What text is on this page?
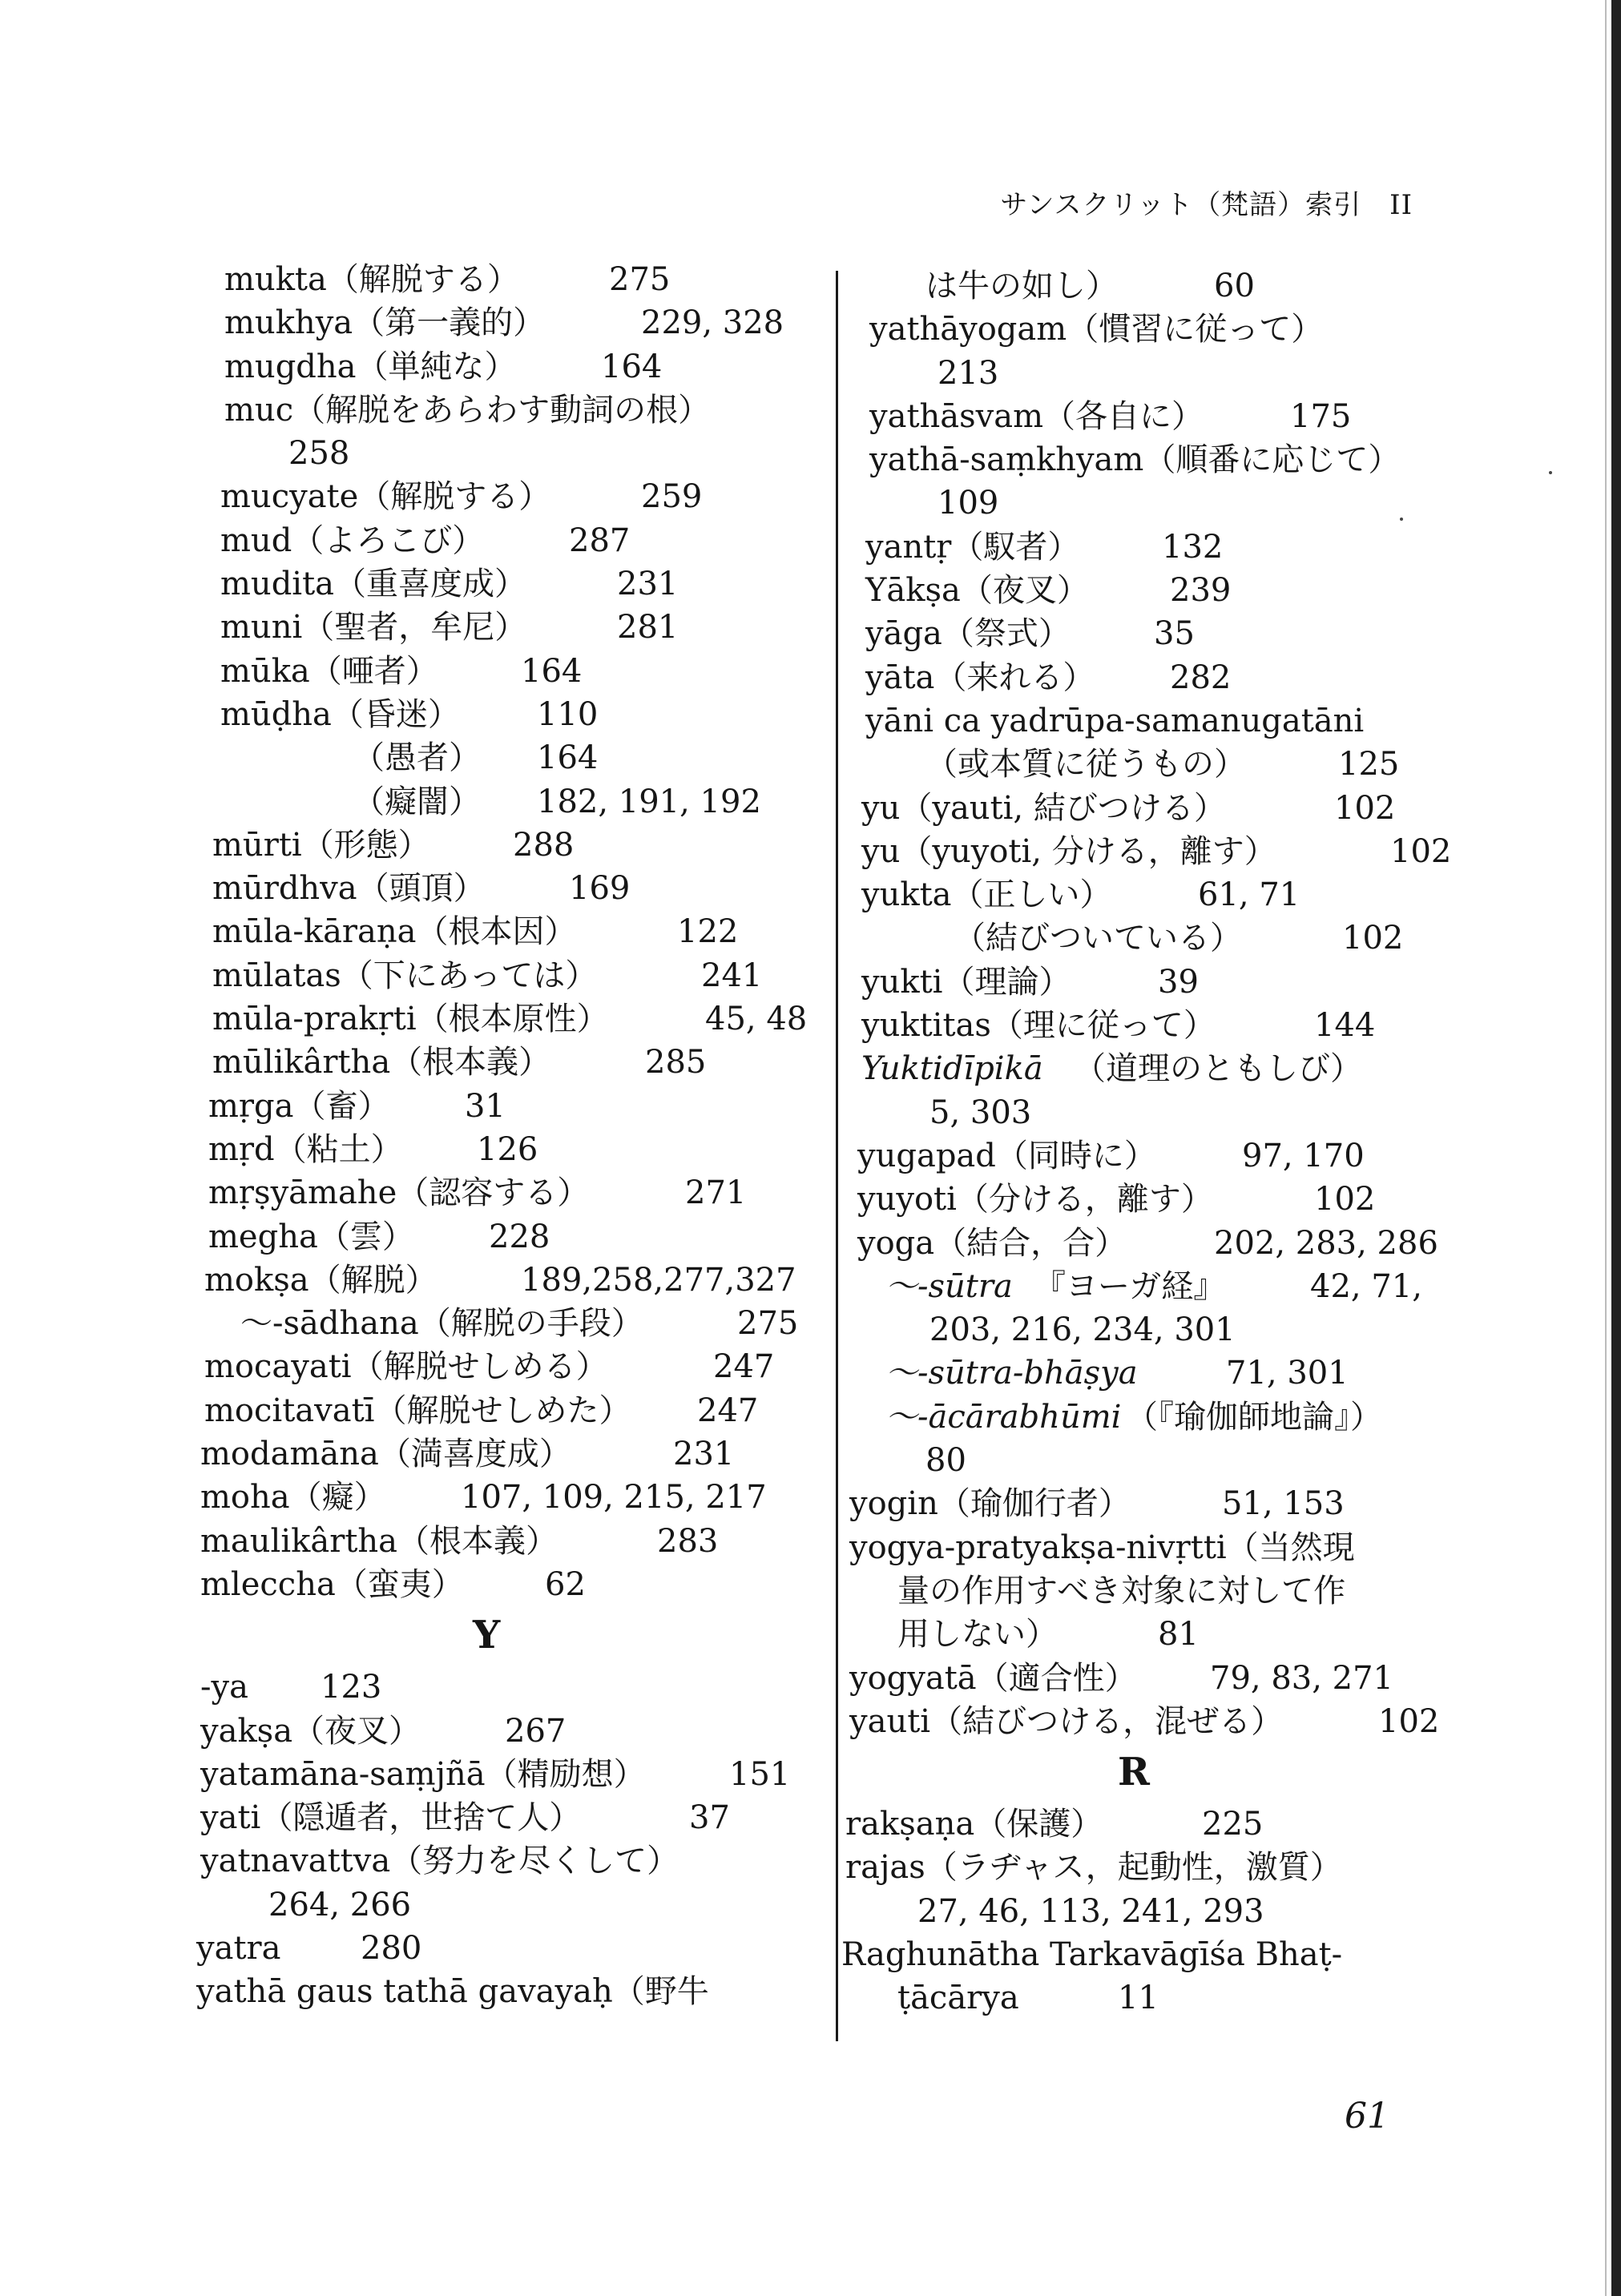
サンスクリット（梵語）索引　II
mukta（解脱する）	275
mukhya（第一義的）	229, 328
mugdha（単純な）	164
muc（解脱をあらわす動詞の根）
258
mucyate（解脱する）	259
mud（よろこび）	287
mudita（重喜度成）	231
muni（聖者，牟尼）	281
mūka（唖者）	164
mūḍha（昏迷） 110
（愚者） 164
（癡闇） 182, 191, 192
mūrti（形態）	288
mūrdhva（頭頂）	169
mūla-kāraṇa（根本因）	122
mūlatas（下にあっては）	241
mūla-prakṛti（根本原性）	45, 48
mūlikârtha（根本義）	285
mṛga（畜） 31
mṛd（粘土） 126
mṛṣyāmahe（認容する）	271
megha（雲） 228
mokṣa（解脱）	189,258,277,327
～-sādhana（解脱の手段）	275
mocayati（解脱せしめる）	247
mocitavatī（解脱せしめた） 247
modamāna（満喜度成）	231
moha（癡） 107, 109, 215, 217
maulikârtha（根本義）	283
mleccha（蛮夷）	62
Y
-ya 123
yakṣa（夜叉）	267
yatamāna-saṃjñā（精励想）	151
yati（隠遁者，世捨て人）	37
yatnavattva（努力を尽くして）
264, 266
yatra 280
yathā gaus tathā gavayaḥ（野牛
は牛の如し）	60
yathāyogam（慣習に従って）
213
yathāsvam（各自に）	175
yathā-saṃkhyam（順番に応じて）
109
yantṛ（馭者）	132
Yākṣa（夜叉）	239
yāga（祭式）	35
yāta（来れる） 282
yāni ca yadrūpa-samanugatāni
（或本質に従うもの）	125
yu（yauti, 結びつける）	102
yu（yuyoti, 分ける，離す）	102
yukta（正しい）	61, 71
（結びついている）	102
yukti（理論）	39
yuktitas（理に従って）	144
Yuktidīpikā （道理のともしび）
5, 303
yugapad（同時に）	97, 170
yuyoti（分ける，離す）	102
yoga（結合，合）	202, 283, 286
～-sūtra 『ヨーガ経』	42, 71,
203, 216, 234, 301
～-sūtra-bhāṣya	71, 301
～-ācārabhūmi （『瑜伽師地論』）
80
yogin（瑜伽行者）	51, 153
yogya-pratyakṣa-nivṛtti（当然現
量の作用すべき対象に対して作
用しない）	81
yogyatā（適合性） 79, 83, 271
yauti（結びつける，混ぜる）	102
R
rakṣaṇa（保護）	225
rajas（ラヂャス，起動性，激質）
27, 46, 113, 241, 293
Raghunātha Tarkavāgīśa Bhaṭ-
ṭācārya	11
61
